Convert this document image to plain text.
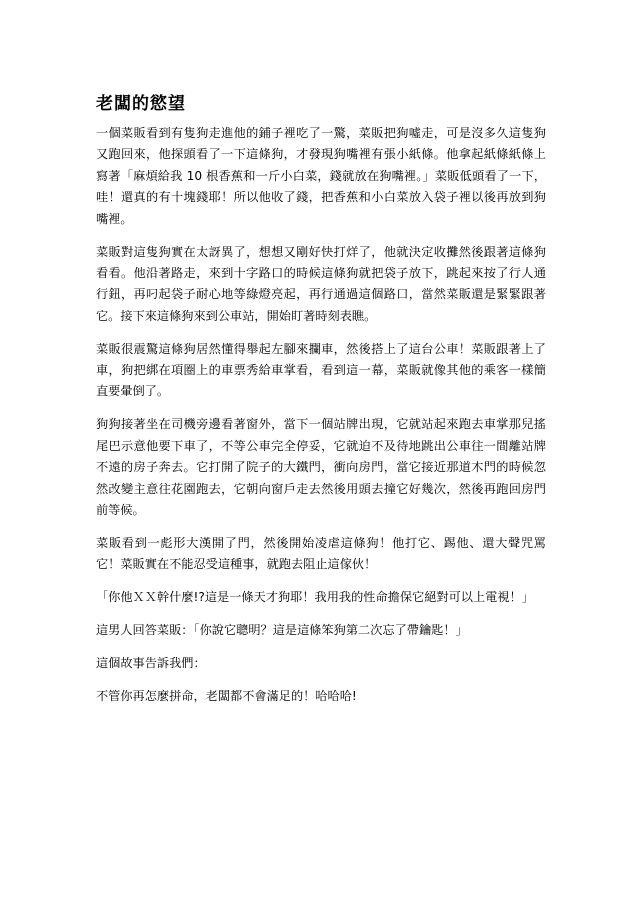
老闆的慾望

一個菜販看到有隻狗走進他的鋪子裡吃了一驚，菜販把狗噓走，可是沒多久這隻狗又跑回來，他探頭看了一下這條狗，才發現狗嘴裡有張小紙條。他拿起紙條紙條上寫著「麻煩給我 10 根香蕉和一斤小白菜，錢就放在狗嘴裡。」菜販低頭看了一下，哇！還真的有十塊錢耶！所以他收了錢，把香蕉和小白菜放入袋子裡以後再放到狗嘴裡。

菜販對這隻狗實在太訝異了，想想又剛好快打烊了，他就決定收攤然後跟著這條狗看看。他沿著路走，來到十字路口的時候這條狗就把袋子放下，跳起來按了行人通行鈕，再叼起袋子耐心地等綠燈亮起，再行通過這個路口，當然菜販還是緊緊跟著它。接下來這條狗來到公車站，開始盯著時刻表瞧。

菜販很震驚這條狗居然懂得舉起左腳來攔車，然後搭上了這台公車！菜販跟著上了車，狗把綁在項圈上的車票秀給車掌看，看到這一幕，菜販就像其他的乘客一樣簡直要暈倒了。

狗狗接著坐在司機旁邊看著窗外，當下一個站牌出現，它就站起來跑去車掌那兒搖尾巴示意他要下車了，不等公車完全停妥，它就迫不及待地跳出公車往一間離站牌不遠的房子奔去。它打開了院子的大鐵門，衝向房門，當它接近那道木門的時候忽然改變主意往花園跑去，它朝向窗戶走去然後用頭去撞它好幾次，然後再跑回房門前等候。

菜販看到一彪形大漢開了門，然後開始凌虐這條狗！他打它、踢他、還大聲咒罵它！菜販實在不能忍受這種事，就跑去阻止這傢伙！

「你他ＸＸ幹什麼!?這是一條天才狗耶！我用我的性命擔保它絕對可以上電視！」

這男人回答菜販：「你說它聰明？這是這條笨狗第二次忘了帶鑰匙！」

這個故事告訴我們：

不管你再怎麼拼命，老闆都不會滿足的！哈哈哈!
